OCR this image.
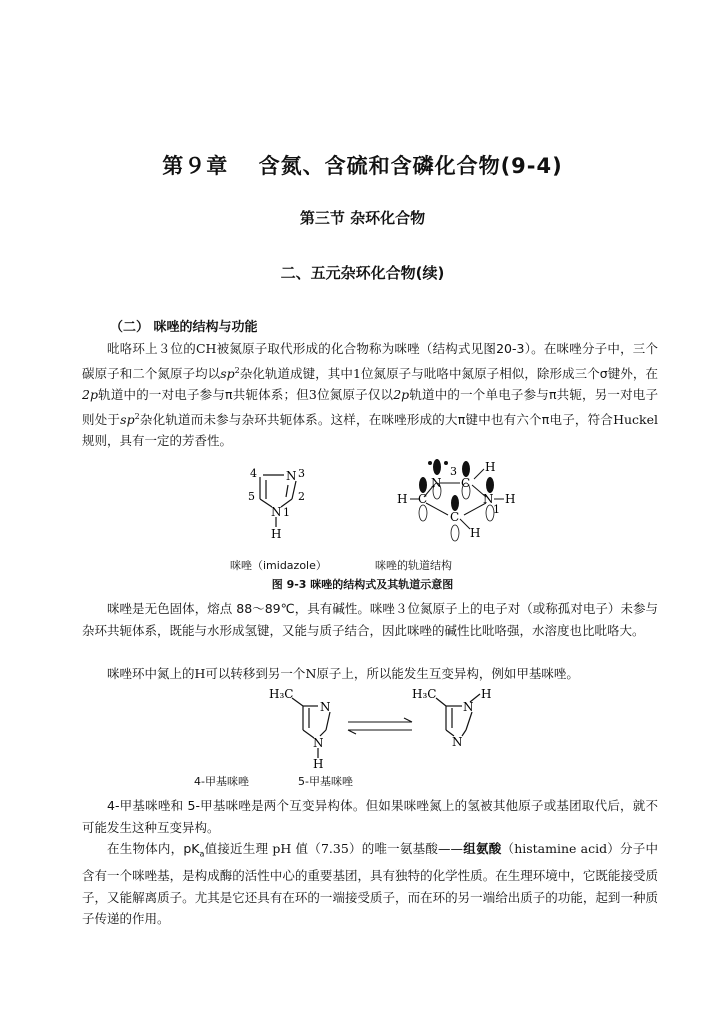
第９章　 含氮、含硫和含磷化合物(9-4)
第三节 杂环化合物
二、五元杂环化合物(续)
（二） 咪唑的结构与功能
吡咯环上３位的CH被氮原子取代形成的化合物称为咪唑（结构式见图20-3）。在咪唑分子中，三个碳原子和二个氮原子均以$sp^2$杂化轨道成键，其中1位氮原子与吡咯中氮原子相似，除形成三个σ键外，在2p轨道中的一对电子参与π共轭体系；但3位氮原子仅以2p轨道中的一个单电子参与π共轭，另一对电子则处于$sp^2$杂化轨道而未参与杂环共轭体系。这样，在咪唑形成的大π键中也有六个π电子，符合Huckel规则，具有一定的芳香性。
N 3
4
5	2
N 1
H
N
3
C
H
H C
C
N
1
H
H
咪唑（imidazole）	咪唑的轨道结构
图 9-3 咪唑的结构式及其轨道示意图
咪唑是无色固体，熔点 88～89℃，具有碱性。咪唑３位氮原子上的电子对（或称孤对电子）未参与杂环共轭体系，既能与水形成氢键，又能与质子结合，因此咪唑的碱性比吡咯强，水溶度也比吡咯大。
咪唑环中氮上的H可以转移到另一个N原子上，所以能发生互变异构，例如甲基咪唑。
H₃C
N
N
H
H₃C
N
H
N
4-甲基咪唑	5-甲基咪唑
4-甲基咪唑和 5-甲基咪唑是两个互变异构体。但如果咪唑氮上的氢被其他原子或基团取代后，就不可能发生这种互变异构。
在生物体内，$pK_a$值接近生理 pH 值（7.35）的唯一氨基酸——组氨酸（histamine acid）分子中含有一个咪唑基，是构成酶的活性中心的重要基团，具有独特的化学性质。在生理环境中，它既能接受质子，又能解离质子。尤其是它还具有在环的一端接受质子，而在环的另一端给出质子的功能，起到一种质子传递的作用。
